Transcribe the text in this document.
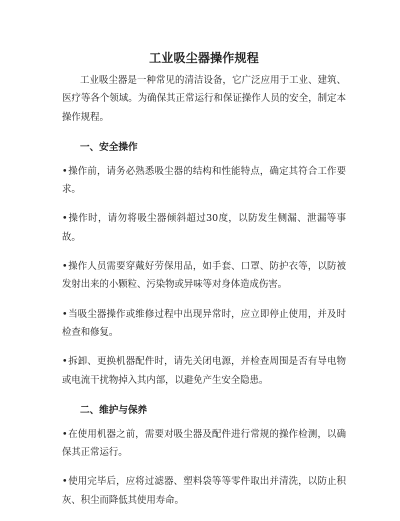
工业吸尘器操作规程

工业吸尘器是一种常见的清洁设备，它广泛应用于工业、建筑、医疗等各个领域。为确保其正常运行和保证操作人员的安全，制定本操作规程。

一、安全操作
•操作前，请务必熟悉吸尘器的结构和性能特点，确定其符合工作要求。
•操作时，请勿将吸尘器倾斜超过30度，以防发生侧漏、泄漏等事故。
•操作人员需要穿戴好劳保用品，如手套、口罩、防护衣等，以防被发射出来的小颗粒、污染物或异味等对身体造成伤害。
•当吸尘器操作或维修过程中出现异常时，应立即停止使用，并及时检查和修复。
•拆卸、更换机器配件时，请先关闭电源，并检查周围是否有导电物或电流干扰物掉入其内部，以避免产生安全隐患。
二、维护与保养
•在使用机器之前，需要对吸尘器及配件进行常规的操作检测，以确保其正常运行。
•使用完毕后，应将过滤器、塑料袋等等零件取出并清洗，以防止积灰、积尘而降低其使用寿命。
